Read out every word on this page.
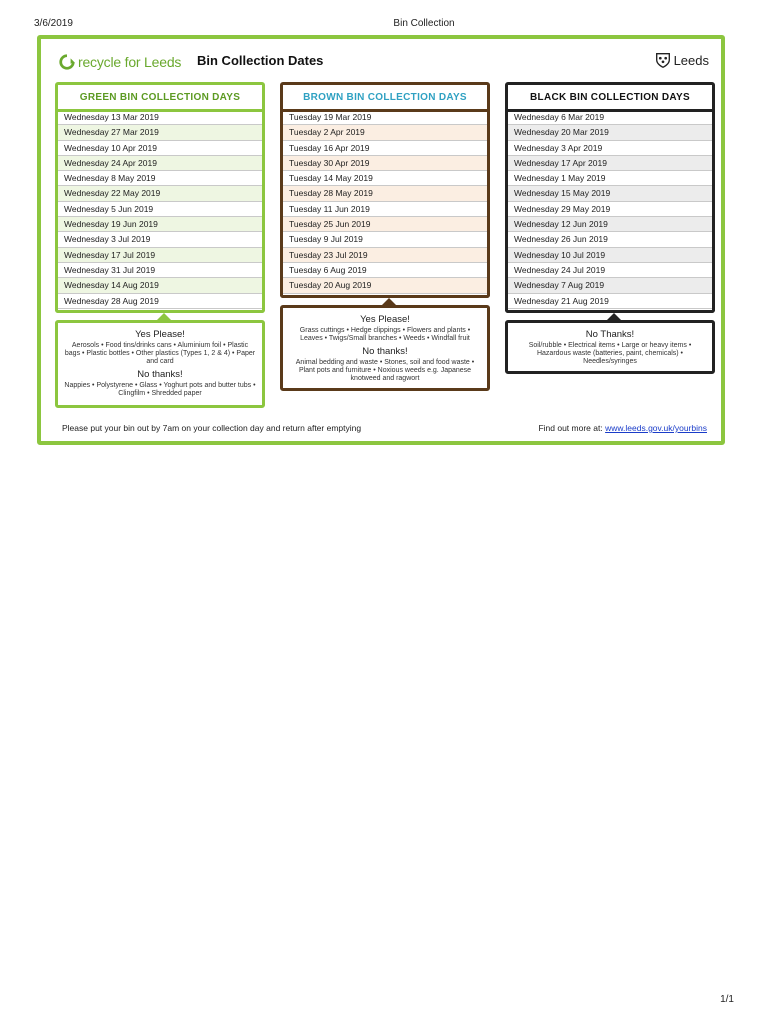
3/6/2019	Bin Collection
recycle for Leeds Bin Collection Dates	Leeds
GREEN BIN COLLECTION DAYS
Wednesday 13 Mar 2019
Wednesday 27 Mar 2019
Wednesday 10 Apr 2019
Wednesday 24 Apr 2019
Wednesday 8 May 2019
Wednesday 22 May 2019
Wednesday 5 Jun 2019
Wednesday 19 Jun 2019
Wednesday 3 Jul 2019
Wednesday 17 Jul 2019
Wednesday 31 Jul 2019
Wednesday 14 Aug 2019
Wednesday 28 Aug 2019
Yes Please!
Aerosols • Food tins/drinks cans • Aluminium foil • Plastic bags • Plastic bottles • Other plastics (Types 1, 2 & 4) • Paper and card
No thanks!
Nappies • Polystyrene • Glass • Yoghurt pots and butter tubs • Clingfilm • Shredded paper
BROWN BIN COLLECTION DAYS
Tuesday 19 Mar 2019
Tuesday 2 Apr 2019
Tuesday 16 Apr 2019
Tuesday 30 Apr 2019
Tuesday 14 May 2019
Tuesday 28 May 2019
Tuesday 11 Jun 2019
Tuesday 25 Jun 2019
Tuesday 9 Jul 2019
Tuesday 23 Jul 2019
Tuesday 6 Aug 2019
Tuesday 20 Aug 2019
Yes Please!
Grass cuttings • Hedge clippings • Flowers and plants • Leaves • Twigs/Small branches • Weeds • Windfall fruit
No thanks!
Animal bedding and waste • Stones, soil and food waste • Plant pots and furniture • Noxious weeds e.g. Japanese knotweed and ragwort
BLACK BIN COLLECTION DAYS
Wednesday 6 Mar 2019
Wednesday 20 Mar 2019
Wednesday 3 Apr 2019
Wednesday 17 Apr 2019
Wednesday 1 May 2019
Wednesday 15 May 2019
Wednesday 29 May 2019
Wednesday 12 Jun 2019
Wednesday 26 Jun 2019
Wednesday 10 Jul 2019
Wednesday 24 Jul 2019
Wednesday 7 Aug 2019
Wednesday 21 Aug 2019
No Thanks!
Soil/rubble • Electrical items • Large or heavy items • Hazardous waste (batteries, paint, chemicals) • Needles/syringes
Please put your bin out by 7am on your collection day and return after emptying	Find out more at: www.leeds.gov.uk/yourbins
1/1
